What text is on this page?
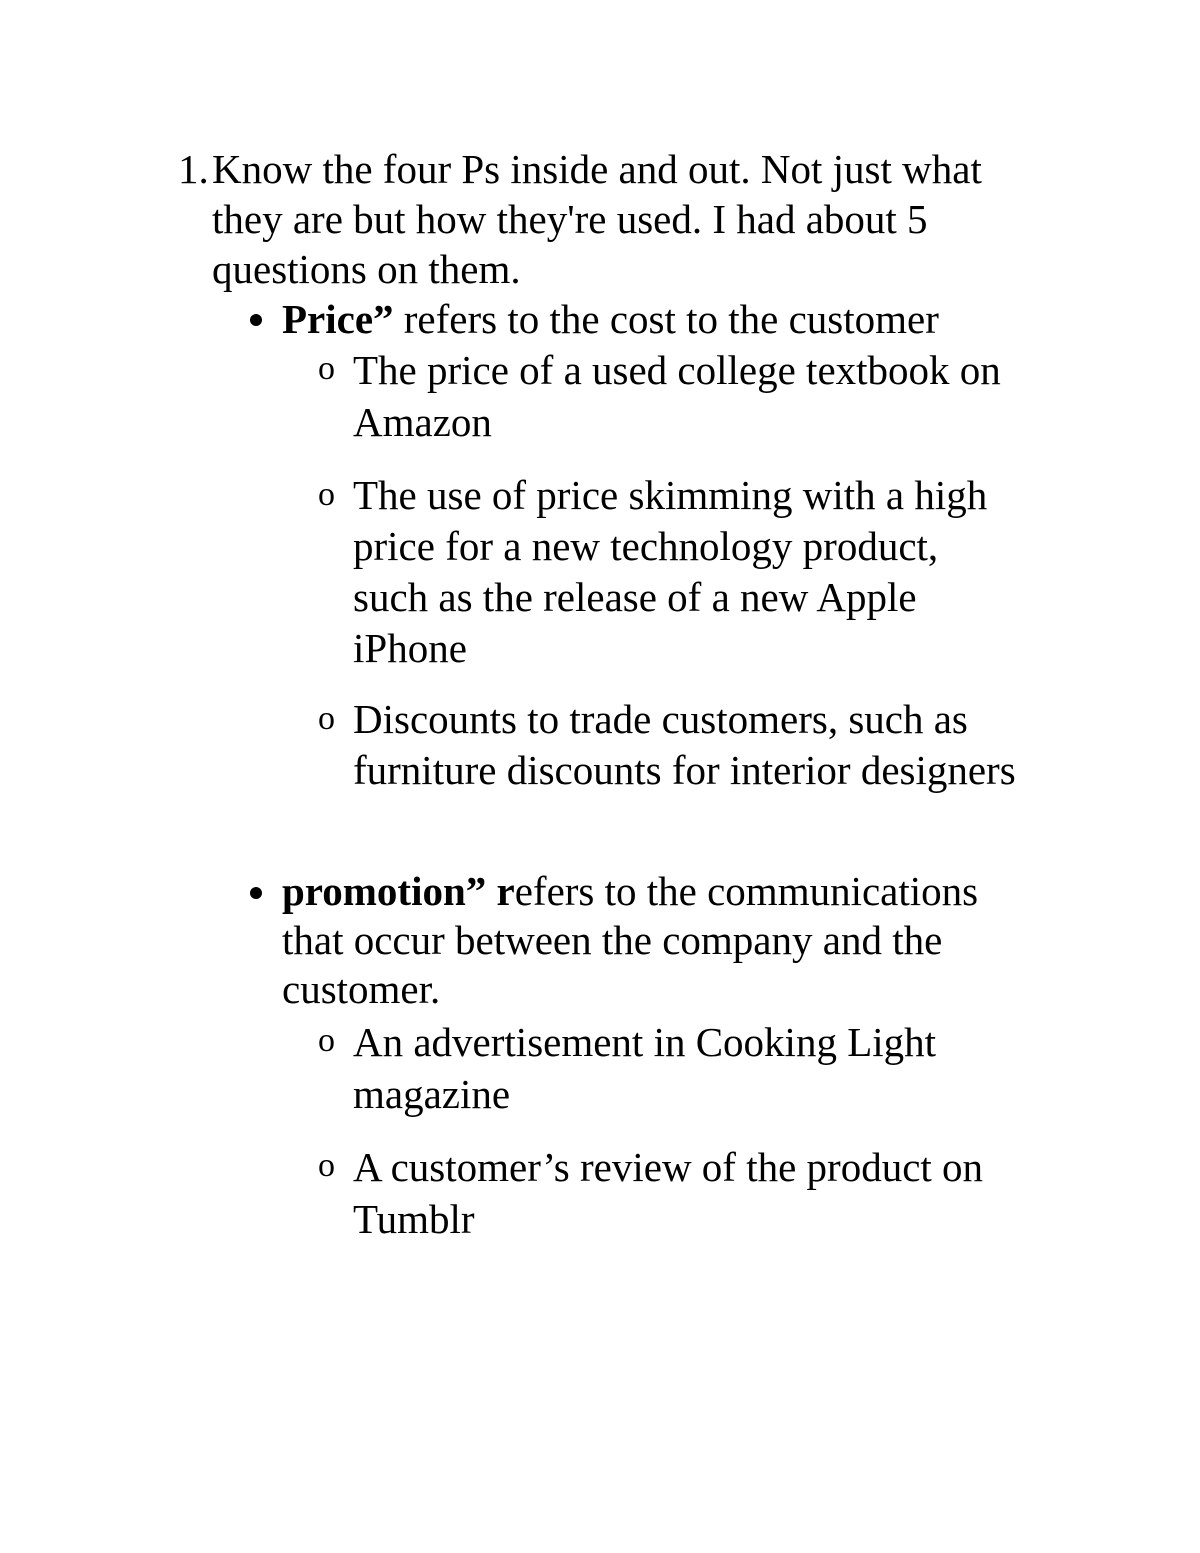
1. Know the four Ps inside and out. Not just what they are but how they're used. I had about 5 questions on them.
Price” refers to the cost to the customer
o The price of a used college textbook on Amazon
o The use of price skimming with a high price for a new technology product, such as the release of a new Apple iPhone
o Discounts to trade customers, such as furniture discounts for interior designers
promotion” refers to the communications that occur between the company and the customer.
o An advertisement in Cooking Light magazine
o A customer’s review of the product on Tumblr
